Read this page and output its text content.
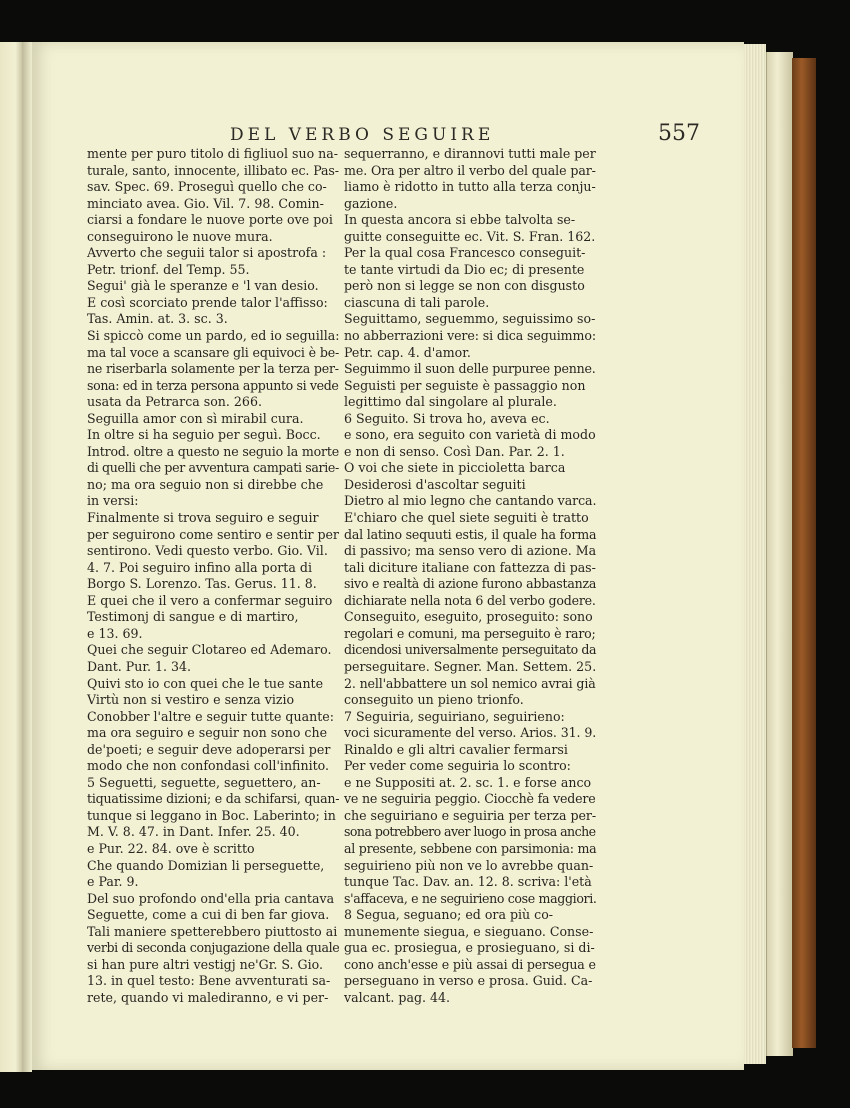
DEL VERBO SEGUIRE	557
mente per puro titolo di figliuol suo na-
turale, santo, innocente, illibato ec. Pas-
sav. Spec. 69. Proseguì quello che co-
minciato avea. Gio. Vil. 7. 98. Comin-
ciarsi a fondare le nuove porte ove poi
conseguirono le nuove mura.
Avverto che seguii talor si apostrofa :
Petr. trionf. del Temp. 55.
Segui' già le speranze e 'l van desio.
E così scorciato prende talor l'affisso:
Tas. Amin. at. 3. sc. 3.
Si spiccò come un pardo, ed io seguilla:
ma tal voce a scansare gli equivoci è be-
ne riserbarla solamente per la terza per-
sona: ed in terza persona appunto si vede
usata da Petrarca son. 266.
Seguilla amor con sì mirabil cura.
In oltre si ha seguio per seguì. Bocc.
Introd. oltre a questo ne seguio la morte
di quelli che per avventura campati sarie-
no; ma ora seguio non si direbbe che
in versi:
Finalmente si trova seguiro e seguir
per seguirono come sentiro e sentir per
sentirono. Vedi questo verbo. Gio. Vil.
4. 7. Poi seguiro infino alla porta di
Borgo S. Lorenzo. Tas. Gerus. 11. 8.
E quei che il vero a confermar seguiro
Testimonj di sangue e di martiro,
e 13. 69.
Quei che seguir Clotareo ed Ademaro.
Dant. Pur. 1. 34.
Quivi sto io con quei che le tue sante
Virtù non si vestiro e senza vizio
Conobber l'altre e seguir tutte quante:
ma ora seguiro e seguir non sono che
de'poeti; e seguir deve adoperarsi per
modo che non confondasi coll'infinito.
5 Seguetti, seguette, seguettero, an-
tiquatissime dizioni; e da schifarsi, quan-
tunque si leggano in Boc. Laberinto; in
M. V. 8. 47. in Dant. Infer. 25. 40.
e Pur. 22. 84. ove è scritto
Che quando Domizian li perseguette,
e Par. 9.
Del suo profondo ond'ella pria cantava
Seguette, come a cui di ben far giova.
Tali maniere spetterebbero piuttosto ai
verbi di seconda conjugazione della quale
si han pure altri vestigj ne'Gr. S. Gio.
13. in quel testo: Bene avventurati sa-
rete, quando vi malediranno, e vi per-
sequerranno, e dirannovi tutti male per
me. Ora per altro il verbo del quale par-
liamo è ridotto in tutto alla terza conju-
gazione.
In questa ancora si ebbe talvolta se-
guitte conseguitte ec. Vit. S. Fran. 162.
Per la qual cosa Francesco conseguit-
te tante virtudi da Dio ec; di presente
però non si legge se non con disgusto
ciascuna di tali parole.
Seguittamo, seguemmo, seguissimo so-
no abberrazioni vere: si dica seguimmo:
Petr. cap. 4. d'amor.
Seguimmo il suon delle purpuree penne.
Seguisti per seguiste è passaggio non
legittimo dal singolare al plurale.
6 Seguito. Si trova ho, aveva ec.
e sono, era seguito con varietà di modo
e non di senso. Così Dan. Par. 2. 1.
O voi che siete in piccioletta barca
Desiderosi d'ascoltar seguiti
Dietro al mio legno che cantando varca.
E'chiaro che quel siete seguiti è tratto
dal latino sequuti estis, il quale ha forma
di passivo; ma senso vero di azione. Ma
tali diciture italiane con fattezza di pas-
sivo e realtà di azione furono abbastanza
dichiarate nella nota 6 del verbo godere.
Conseguito, eseguito, proseguito: sono
regolari e comuni, ma perseguito è raro;
dicendosi universalmente perseguitato da
perseguitare. Segner. Man. Settem. 25.
2. nell'abbattere un sol nemico avrai già
conseguito un pieno trionfo.
7 Seguiria, seguiriano, seguirieno:
voci sicuramente del verso. Arios. 31. 9.
Rinaldo e gli altri cavalier fermarsi
Per veder come seguiria lo scontro:
e ne Suppositi at. 2. sc. 1. e forse anco
ve ne seguiria peggio. Ciocchè fa vedere
che seguiriano e seguiria per terza per-
sona potrebbero aver luogo in prosa anche
al presente, sebbene con parsimonia: ma
seguirieno più non ve lo avrebbe quan-
tunque Tac. Dav. an. 12. 8. scriva: l'età
s'affaceva, e ne seguirieno cose maggiori.
8 Segua, seguano; ed ora più co-
munemente siegua, e sieguano. Conse-
gua ec. prosiegua, e prosieguano, si di-
cono anch'esse e più assai di persegua e
perseguano in verso e prosa. Guid. Ca-
valcant. pag. 44.
